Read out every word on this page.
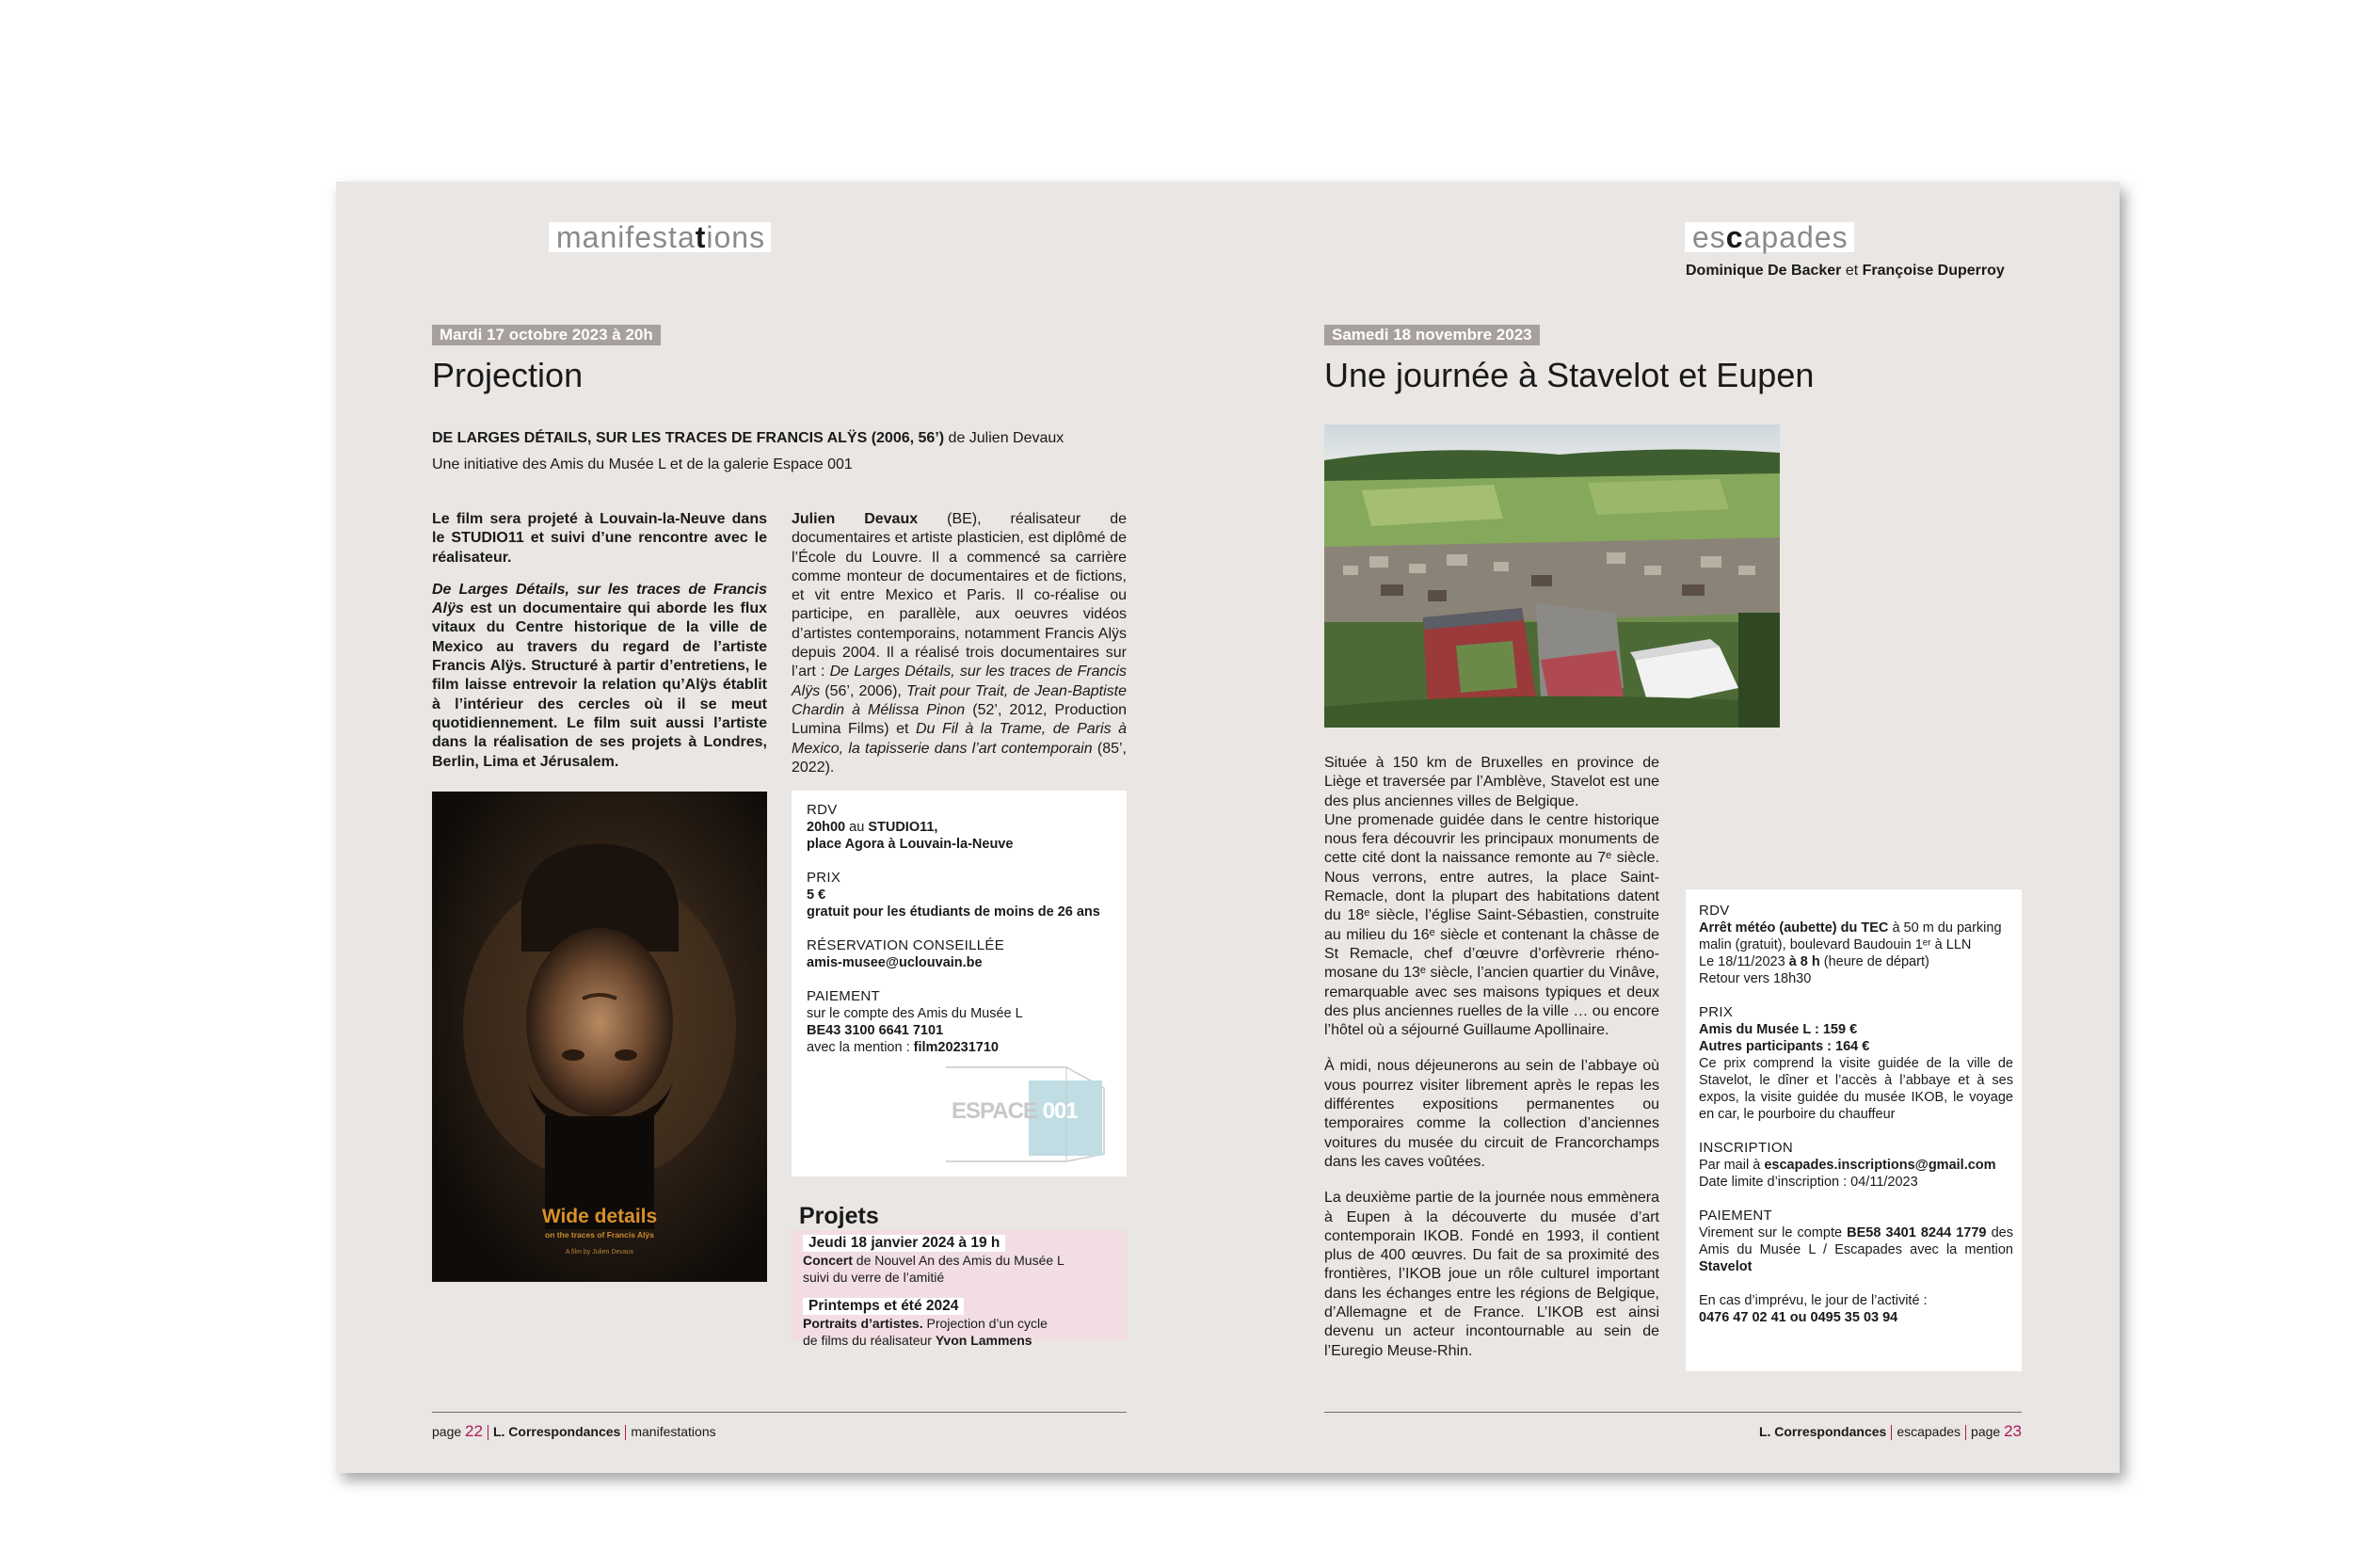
manifestations
Mardi 17 octobre 2023 à 20h
Projection
DE LARGES DÉTAILS, SUR LES TRACES DE FRANCIS ALŸS (2006, 56’) de Julien Devaux
Une initiative des Amis du Musée L et de la galerie Espace 001

Le film sera projeté à Louvain-la-Neuve dans le STUDIO11 et suivi d’une rencontre avec le réalisateur.

De Larges Détails, sur les traces de Francis Alÿs est un documentaire qui aborde les flux vitaux du Centre historique de la ville de Mexico au travers du regard de l’artiste Francis Alÿs. Structuré à partir d’entretiens, le film laisse entrevoir la relation qu’Alÿs établit à l’intérieur des cercles où il se meut quotidiennement. Le film suit aussi l’artiste dans la réalisation de ses projets à Londres, Berlin, Lima et Jérusalem.

Julien Devaux (BE), réalisateur de documentaires et artiste plasticien, est diplômé de l’École du Louvre. Il a commencé sa carrière comme monteur de documentaires et de fictions, et vit entre Mexico et Paris. Il co-réalise ou participe, en parallèle, aux oeuvres vidéos d’artistes contemporains, notamment Francis Alÿs depuis 2004. Il a réalisé trois documentaires sur l’art : De Larges Détails, sur les traces de Francis Alÿs (56’, 2006), Trait pour Trait, de Jean-Baptiste Chardin à Mélissa Pinon (52’, 2012, Production Lumina Films) et Du Fil à la Trame, de Paris à Mexico, la tapisserie dans l’art contemporain (85’, 2022).

Wide details
on the traces of Francis Alÿs
A film by Julien Devaux
RDV
20h00 au STUDIO11,
place Agora à Louvain-la-Neuve
PRIX
5 €
gratuit pour les étudiants de moins de 26 ans
RÉSERVATION CONSEILLÉE
amis-musee@uclouvain.be
PAIEMENT
sur le compte des Amis du Musée L
BE43 3100 6641 7101
avec la mention : film20231710
ESPACE 001
Projets
Jeudi 18 janvier 2024 à 19 h
Concert de Nouvel An des Amis du Musée L
suivi du verre de l’amitié
Printemps et été 2024
Portraits d’artistes. Projection d’un cycle
de films du réalisateur Yvon Lammens
page 22 L. Correspondances manifestations
escapades
Dominique De Backer et Françoise Duperroy
Samedi 18 novembre 2023
Une journée à Stavelot et Eupen

Située à 150 km de Bruxelles en province de Liège et traversée par l’Amblève, Stavelot est une des plus anciennes villes de Belgique.

Une promenade guidée dans le centre historique nous fera découvrir les principaux monuments de cette cité dont la naissance remonte au 7ᵉ siècle. Nous verrons, entre autres, la place Saint-Remacle, dont la plupart des habitations datent du 18ᵉ siècle, l’église Saint-Sébastien, construite au milieu du 16ᵉ siècle et contenant la châsse de St Remacle, chef d’œuvre d’orfèvrerie rhéno-mosane du 13ᵉ siècle, l’ancien quartier du Vinâve, remarquable avec ses maisons typiques et deux des plus anciennes ruelles de la ville … ou encore l’hôtel où a séjourné Guillaume Apollinaire.

À midi, nous déjeunerons au sein de l’abbaye où vous pourrez visiter librement après le repas les différentes expositions permanentes ou temporaires comme la collection d’anciennes voitures du musée du circuit de Francorchamps dans les caves voûtées.

La deuxième partie de la journée nous emmènera à Eupen à la découverte du musée d’art contemporain IKOB. Fondé en 1993, il contient plus de 400 œuvres. Du fait de sa proximité des frontières, l’IKOB joue un rôle culturel important dans les échanges entre les régions de Belgique, d’Allemagne et de France. L’IKOB est ainsi devenu un acteur incontournable au sein de l’Euregio Meuse-Rhin.

RDV
Arrêt météo (aubette) du TEC à 50 m du parking malin (gratuit), boulevard Baudouin 1ᵉʳ à LLN
Le 18/11/2023 à 8 h (heure de départ)
Retour vers 18h30
PRIX
Amis du Musée L : 159 €
Autres participants : 164 €
Ce prix comprend la visite guidée de la ville de Stavelot, le dîner et l’accès à l’abbaye et à ses expos, la visite guidée du musée IKOB, le voyage en car, le pourboire du chauffeur
INSCRIPTION
Par mail à escapades.inscriptions@gmail.com
Date limite d’inscription : 04/11/2023
PAIEMENT
Virement sur le compte BE58 3401 8244 1779 des Amis du Musée L / Escapades avec la mention Stavelot
En cas d’imprévu, le jour de l’activité :
0476 47 02 41 ou 0495 35 03 94
L. Correspondances escapades page 23
